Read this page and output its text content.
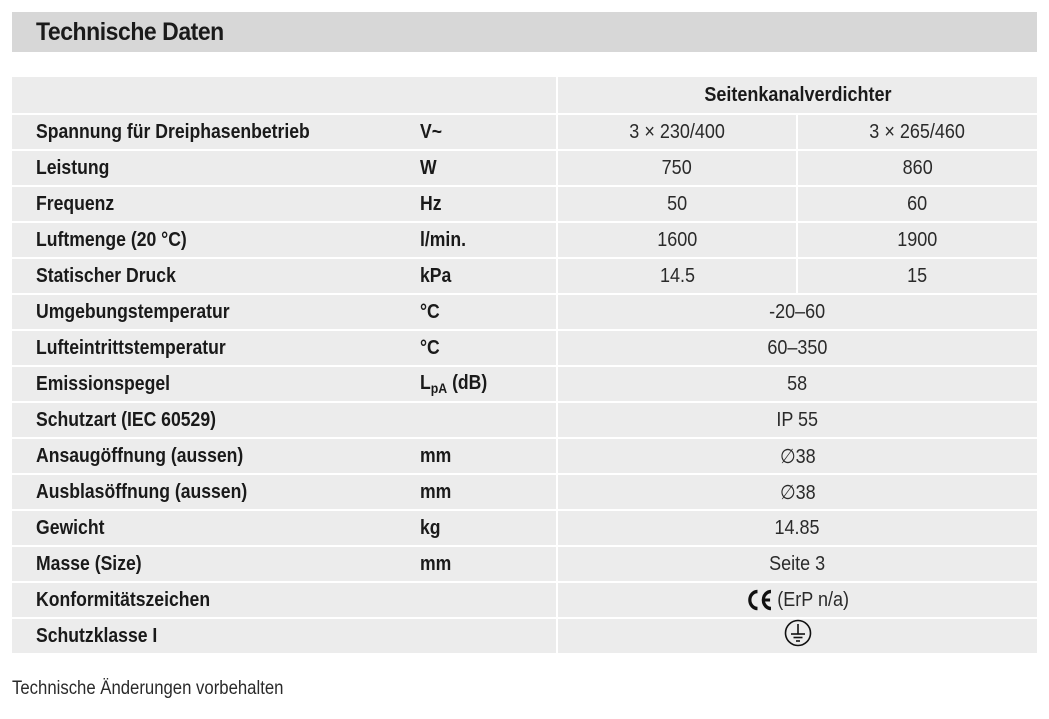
Technische Daten
		Seitenkanalverdichter	
Spannung für Dreiphasenbetrieb	V~	3 × 230/400	3 × 265/460
Leistung	W	750	860
Frequenz	Hz	50	60
Luftmenge (20 °C)	l/min.	1600	1900
Statischer Druck	kPa	14.5	15
Umgebungstemperatur	°C	-20–60	
Lufteintrittstemperatur	°C	60–350	
Emissionspegel	$L_{pA}$ (dB)	58	
Schutzart (IEC 60529)		IP 55	
Ansaugöffnung (aussen)	mm	∅38	
Ausblasöffnung (aussen)	mm	∅38	
Gewicht	kg	14.85	
Masse (Size)	mm	Seite 3	
Konformitätszeichen		(ErP n/a)	
Schutzklasse I		
Technische Änderungen vorbehalten
